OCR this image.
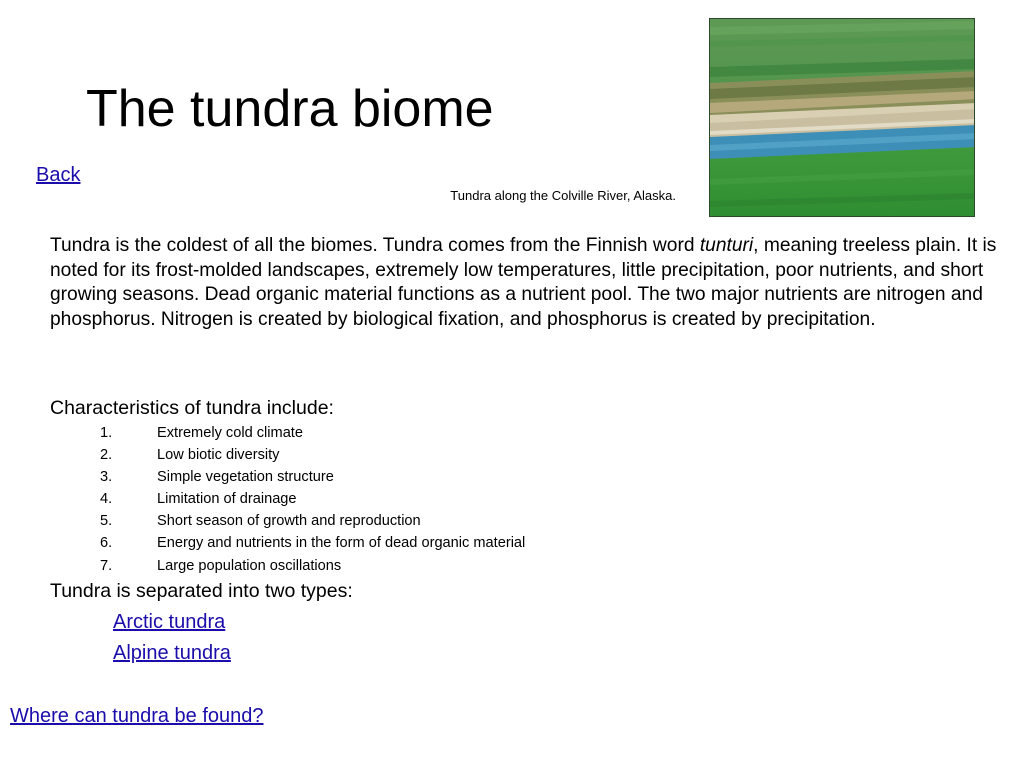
The tundra biome
Back
Tundra along the Colville River, Alaska.
Tundra is the coldest of all the biomes. Tundra comes from the Finnish word tunturi, meaning treeless plain. It is noted for its frost-molded landscapes, extremely low temperatures, little precipitation, poor nutrients, and short growing seasons. Dead organic material functions as a nutrient pool. The two major nutrients are nitrogen and phosphorus. Nitrogen is created by biological fixation, and phosphorus is created by precipitation.
Characteristics of tundra include:
1.	Extremely cold climate
2.	Low biotic diversity
3.	Simple vegetation structure
4.	Limitation of drainage
5.	Short season of growth and reproduction
6.	Energy and nutrients in the form of dead organic material
7.	Large population oscillations
Tundra is separated into two types:
Arctic tundra
Alpine tundra
Where can tundra be found?
